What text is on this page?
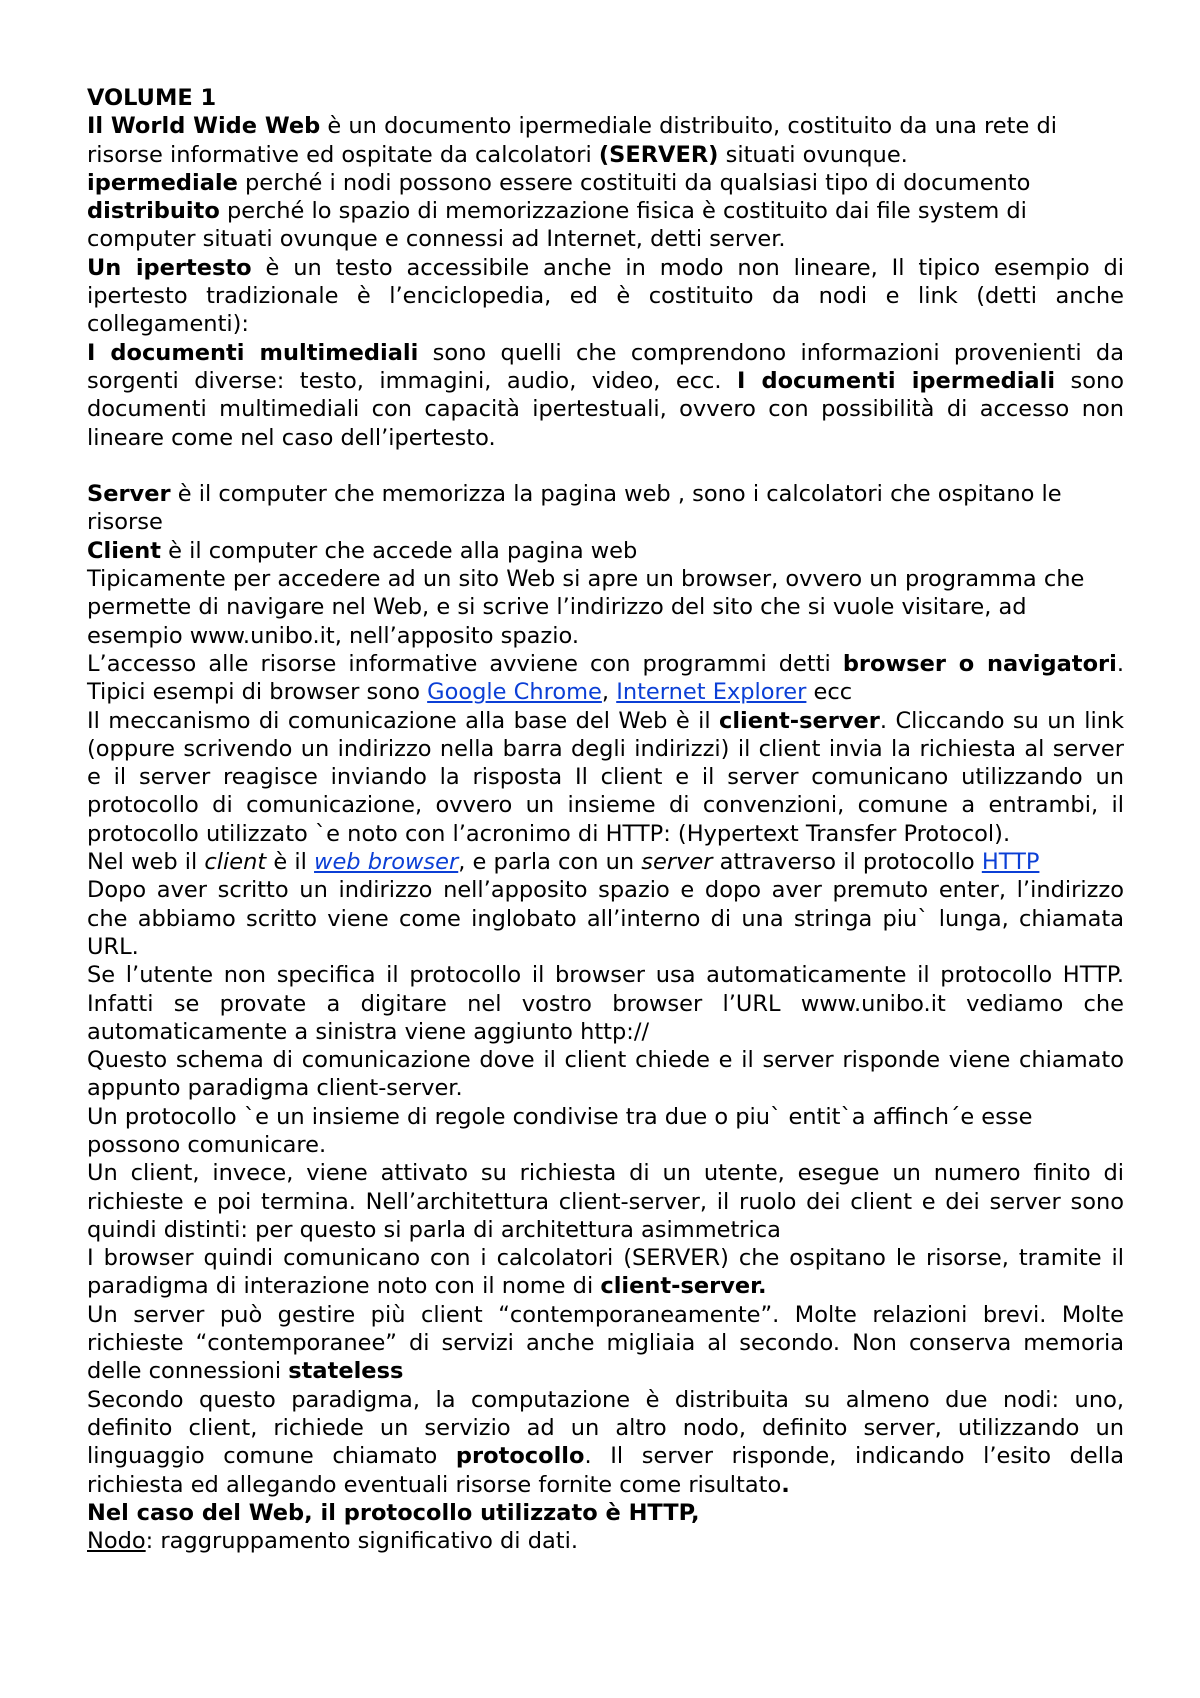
VOLUME 1

Il World Wide Web è un documento ipermediale distribuito, costituito da una rete di risorse informative ed ospitate da calcolatori (SERVER) situati ovunque.

ipermediale perché i nodi possono essere costituiti da qualsiasi tipo di documento

distribuito perché lo spazio di memorizzazione fisica è costituito dai file system di computer situati ovunque e connessi ad Internet, detti server.

Un ipertesto è un testo accessibile anche in modo non lineare, Il tipico esempio di ipertesto tradizionale è l’enciclopedia, ed è costituito da nodi e link (detti anche collegamenti):

I documenti multimediali sono quelli che comprendono informazioni provenienti da sorgenti diverse: testo, immagini, audio, video, ecc. I documenti ipermediali sono documenti multimediali con capacità ipertestuali, ovvero con possibilità di accesso non lineare come nel caso dell’ipertesto.

Server è il computer che memorizza la pagina web , sono i calcolatori che ospitano le risorse

Client è il computer che accede alla pagina web

Tipicamente per accedere ad un sito Web si apre un browser, ovvero un programma che permette di navigare nel Web, e si scrive l’indirizzo del sito che si vuole visitare, ad esempio www.unibo.it, nell’apposito spazio.

L’accesso alle risorse informative avviene con programmi detti browser o navigatori. Tipici esempi di browser sono Google Chrome, Internet Explorer ecc

Il meccanismo di comunicazione alla base del Web è il client-server. Cliccando su un link (oppure scrivendo un indirizzo nella barra degli indirizzi) il client invia la richiesta al server e il server reagisce inviando la risposta Il client e il server comunicano utilizzando un protocollo di comunicazione, ovvero un insieme di convenzioni, comune a entrambi, il protocollo utilizzato `e noto con l’acronimo di HTTP: (Hypertext Transfer Protocol).

Nel web il client è il web browser, e parla con un server attraverso il protocollo HTTP

Dopo aver scritto un indirizzo nell’apposito spazio e dopo aver premuto enter, l’indirizzo che abbiamo scritto viene come inglobato all’interno di una stringa piu` lunga, chiamata URL.

Se l’utente non specifica il protocollo il browser usa automaticamente il protocollo HTTP. Infatti se provate a digitare nel vostro browser l’URL www.unibo.it vediamo che automaticamente a sinistra viene aggiunto http://

Questo schema di comunicazione dove il client chiede e il server risponde viene chiamato appunto paradigma client-server.

Un protocollo `e un insieme di regole condivise tra due o piu` entit`a affinch´e esse possono comunicare.

Un client, invece, viene attivato su richiesta di un utente, esegue un numero finito di richieste e poi termina. Nell’architettura client-server, il ruolo dei client e dei server sono quindi distinti: per questo si parla di architettura asimmetrica

I browser quindi comunicano con i calcolatori (SERVER) che ospitano le risorse, tramite il paradigma di interazione noto con il nome di client-server.

Un server può gestire più client “contemporaneamente”. Molte relazioni brevi. Molte richieste “contemporanee” di servizi anche migliaia al secondo. Non conserva memoria delle connessioni stateless

Secondo questo paradigma, la computazione è distribuita su almeno due nodi: uno, definito client, richiede un servizio ad un altro nodo, definito server, utilizzando un linguaggio comune chiamato protocollo. Il server risponde, indicando l’esito della richiesta ed allegando eventuali risorse fornite come risultato.

Nel caso del Web, il protocollo utilizzato è HTTP,

Nodo: raggruppamento significativo di dati.
